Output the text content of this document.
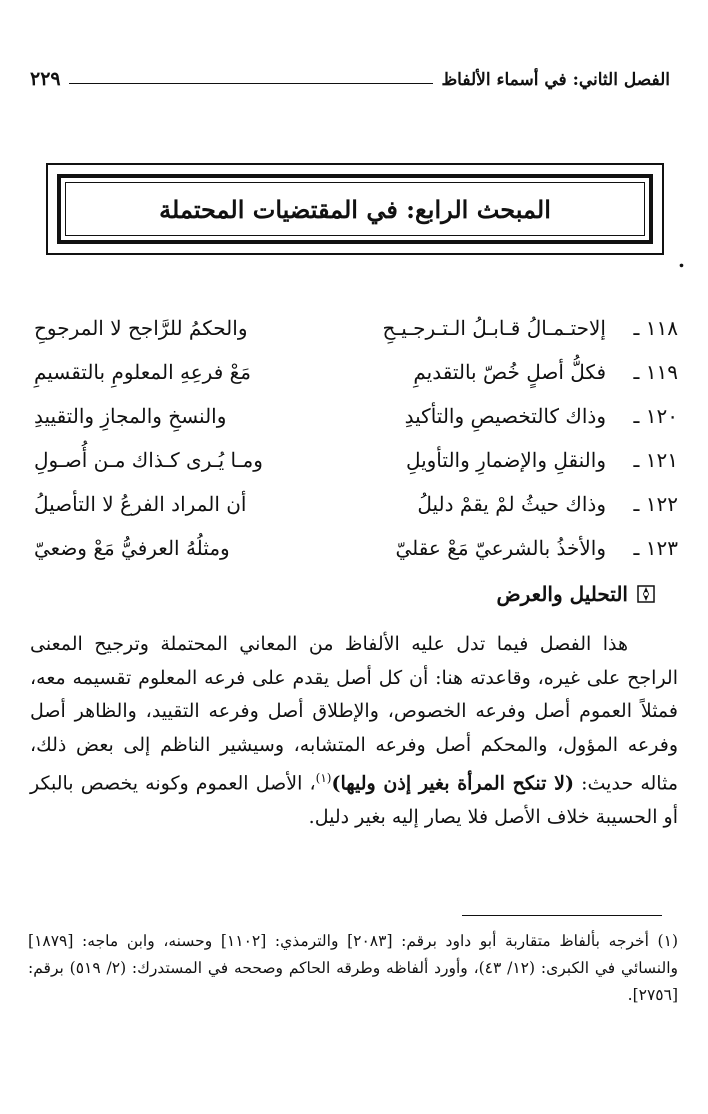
الفصل الثاني: في أسماء الألفاظ
٢٢٩
المبحث الرابع: في المقتضيات المحتملة
.
١١٨ ـ
إلاحتـمـالُ قـابـلُ الـتـرجـيـحِ
والحكمُ للرَّاجح لا المرجوحِ
١١٩ ـ
فكلُّ أصلٍ خُصّ بالتقديمِ
مَعْ فرعِهِ المعلومِ بالتقسيمِ
١٢٠ ـ
وذاك كالتخصيصِ والتأكيدِ
والنسخِ والمجازِ والتقييدِ
١٢١ ـ
والنقلِ والإضمارِ والتأويلِ
ومـا يُـرى كـذاك مـن أُصـولِ
١٢٢ ـ
وذاك حيثُ لمْ يقمْ دليلُ
أن المراد الفرعُ لا التأصيلُ
١٢٣ ـ
والأخذُ بالشرعيّ مَعْ عقليّ
ومثلُهُ العرفيُّ مَعْ وضعيّ
التحليل والعرض

هذا الفصل فيما تدل عليه الألفاظ من المعاني المحتملة وترجيح المعنى الراجح على غيره، وقاعدته هنا: أن كل أصل يقدم على فرعه المعلوم تقسيمه معه، فمثلاً العموم أصل وفرعه الخصوص، والإطلاق أصل وفرعه التقييد، والظاهر أصل وفرعه المؤول، والمحكم أصل وفرعه المتشابه، وسيشير الناظم إلى بعض ذلك، مثاله حديث: (لا تنكح المرأة بغير إذن وليها)$^{(١)}$، الأصل العموم وكونه يخصص بالبكر أو الحسيبة خلاف الأصل فلا يصار إليه بغير دليل.

(١) أخرجه بألفاظ متقاربة أبو داود برقم: [٢٠٨٣] والترمذي: [١١٠٢] وحسنه، وابن ماجه: [١٨٧٩] والنسائي في الكبرى: (١٢/ ٤٣)، وأورد ألفاظه وطرقه الحاكم وصححه في المستدرك: (٢/ ٥١٩) برقم: [٢٧٥٦].
